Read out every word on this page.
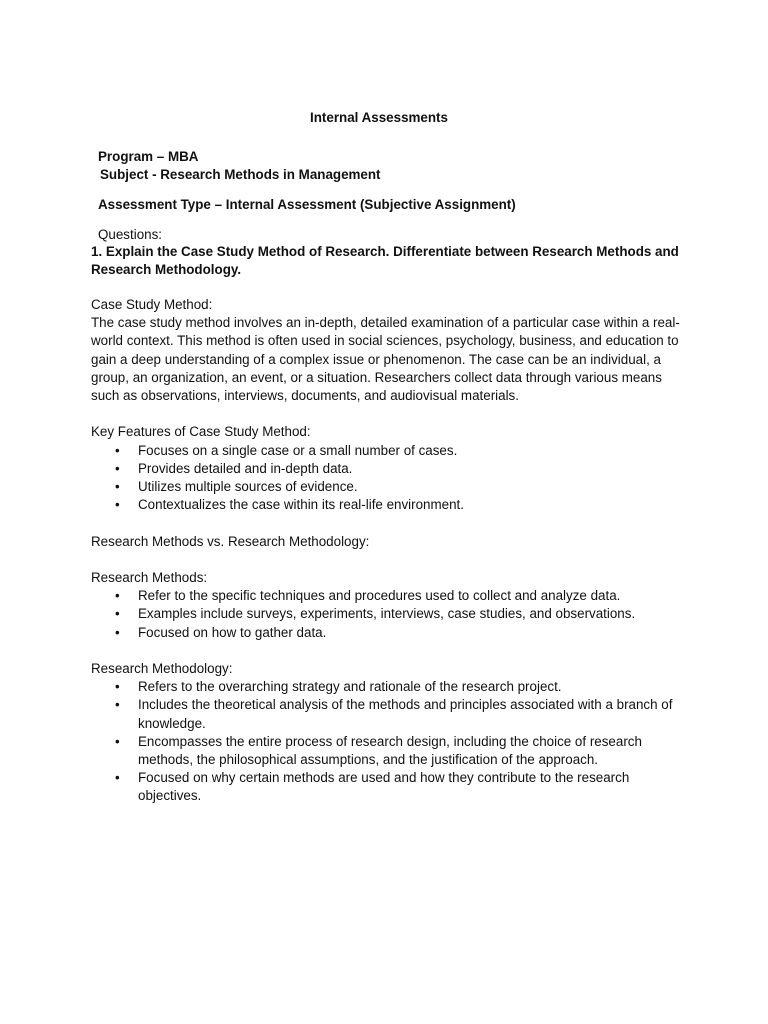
Internal Assessments
Program – MBA
Subject - Research Methods in Management
Assessment Type – Internal Assessment (Subjective Assignment)
Questions:
1. Explain the Case Study Method of Research. Differentiate between Research Methods and Research Methodology.

Case Study Method:

The case study method involves an in-depth, detailed examination of a particular case within a real-world context. This method is often used in social sciences, psychology, business, and education to gain a deep understanding of a complex issue or phenomenon. The case can be an individual, a group, an organization, an event, or a situation. Researchers collect data through various means such as observations, interviews, documents, and audiovisual materials.

Key Features of Case Study Method:

• Focuses on a single case or a small number of cases.
• Provides detailed and in-depth data.
• Utilizes multiple sources of evidence.
• Contextualizes the case within its real-life environment.

Research Methods vs. Research Methodology:

Research Methods:

• Refer to the specific techniques and procedures used to collect and analyze data.
• Examples include surveys, experiments, interviews, case studies, and observations.
• Focused on how to gather data.

Research Methodology:

• Refers to the overarching strategy and rationale of the research project.
• Includes the theoretical analysis of the methods and principles associated with a branch of knowledge.
• Encompasses the entire process of research design, including the choice of research methods, the philosophical assumptions, and the justification of the approach.
• Focused on why certain methods are used and how they contribute to the research objectives.
